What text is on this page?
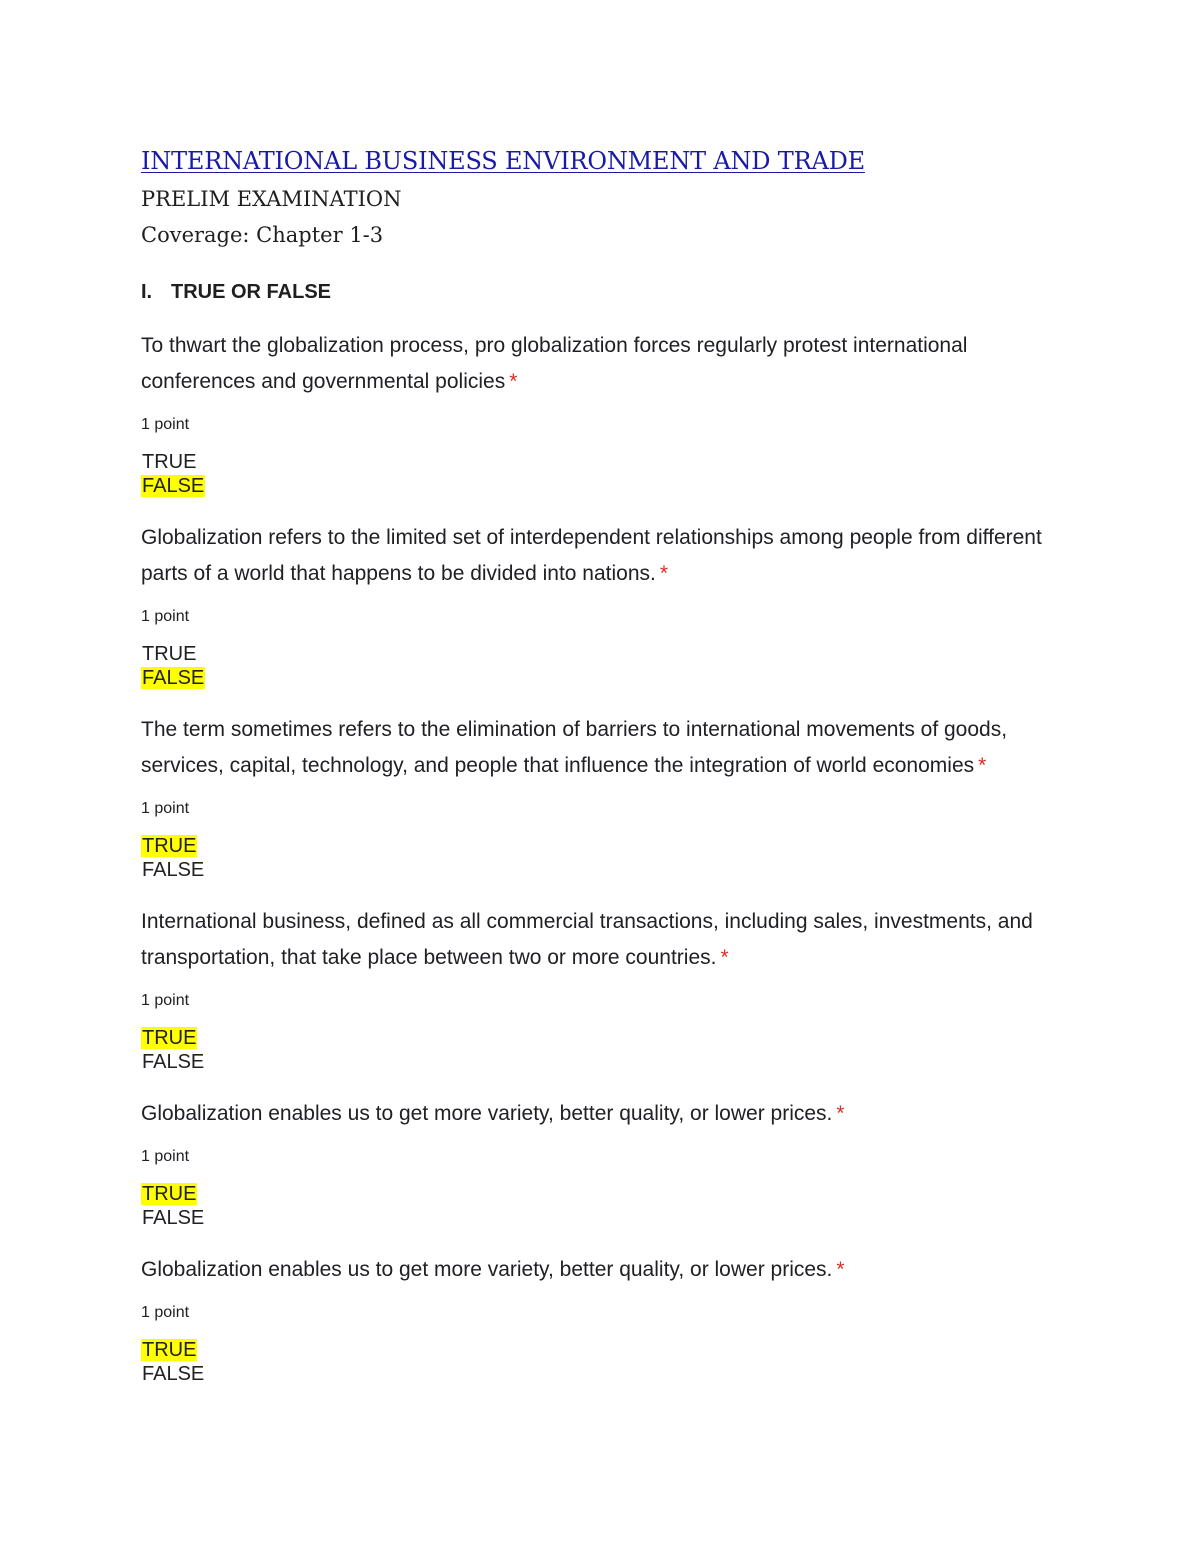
INTERNATIONAL BUSINESS ENVIRONMENT AND TRADE
PRELIM EXAMINATION
Coverage: Chapter 1-3
I. TRUE OR FALSE

To thwart the globalization process, pro globalization forces regularly protest international conferences and governmental policies *

1 point

TRUE
FALSE

Globalization refers to the limited set of interdependent relationships among people from different parts of a world that happens to be divided into nations. *

1 point

TRUE
FALSE

The term sometimes refers to the elimination of barriers to international movements of goods, services, capital, technology, and people that influence the integration of world economies *

1 point

TRUE
FALSE

International business, defined as all commercial transactions, including sales, investments, and transportation, that take place between two or more countries. *

1 point

TRUE
FALSE

Globalization enables us to get more variety, better quality, or lower prices. *

1 point

TRUE
FALSE

Globalization enables us to get more variety, better quality, or lower prices. *

1 point

TRUE
FALSE
